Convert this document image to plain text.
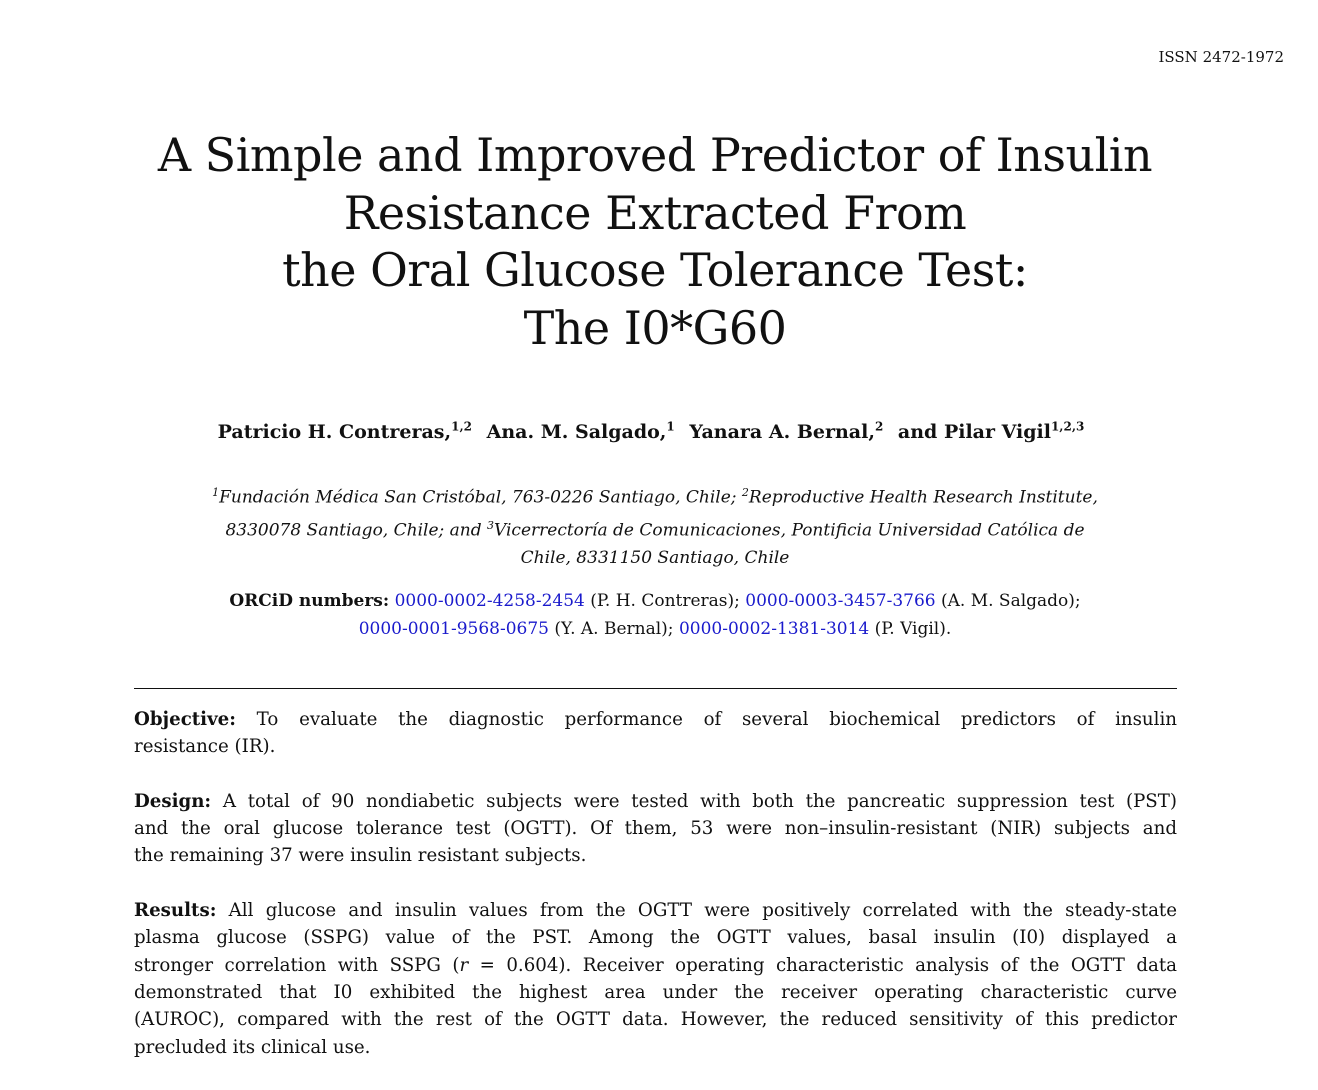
ISSN 2472-1972
A Simple and Improved Predictor of Insulin
Resistance Extracted From
the Oral Glucose Tolerance Test:
The I0*G60
Patricio H. Contreras,$^{1,2}$ Ana. M. Salgado,$^1$ Yanara A. Bernal,$^2$ and Pilar Vigil$^{1,2,3}$
$^1$Fundación Médica San Cristóbal, 763-0226 Santiago, Chile; $^2$Reproductive Health Research Institute,
8330078 Santiago, Chile; and $^3$Vicerrectoría de Comunicaciones, Pontificia Universidad Católica de
Chile, 8331150 Santiago, Chile
ORCiD numbers: 0000-0002-4258-2454 (P. H. Contreras); 0000-0003-3457-3766 (A. M. Salgado);
0000-0001-9568-0675 (Y. A. Bernal); 0000-0002-1381-3014 (P. Vigil).
Objective: To evaluate the diagnostic performance of several biochemical predictors of insulin
resistance (IR).
Design: A total of 90 nondiabetic subjects were tested with both the pancreatic suppression test (PST)
and the oral glucose tolerance test (OGTT). Of them, 53 were non–insulin-resistant (NIR) subjects and
the remaining 37 were insulin resistant subjects.
Results: All glucose and insulin values from the OGTT were positively correlated with the steady-state
plasma glucose (SSPG) value of the PST. Among the OGTT values, basal insulin (I0) displayed a
stronger correlation with SSPG (r = 0.604). Receiver operating characteristic analysis of the OGTT data
demonstrated that I0 exhibited the highest area under the receiver operating characteristic curve
(AUROC), compared with the rest of the OGTT data. However, the reduced sensitivity of this predictor
precluded its clinical use.
